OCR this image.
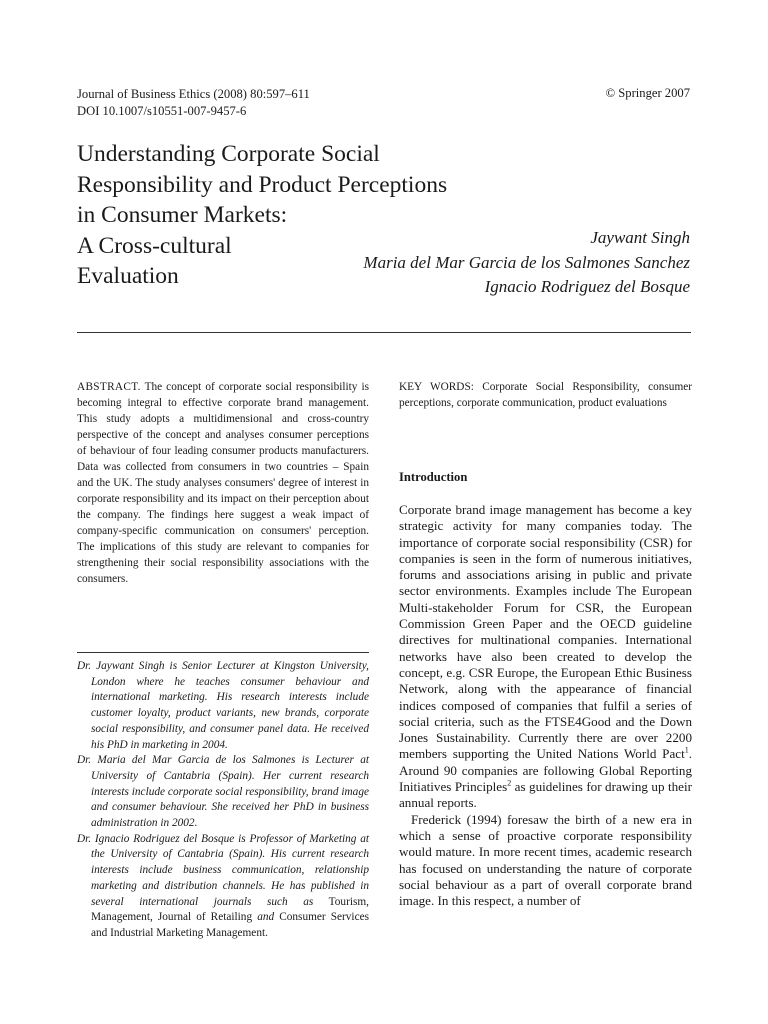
Journal of Business Ethics (2008) 80:597–611
DOI 10.1007/s10551-007-9457-6
© Springer 2007
Understanding Corporate Social
Responsibility and Product Perceptions
in Consumer Markets:
A Cross-cultural
Evaluation
Jaywant Singh
Maria del Mar Garcia de los Salmones Sanchez
Ignacio Rodriguez del Bosque
ABSTRACT. The concept of corporate social responsibility is becoming integral to effective corporate brand management. This study adopts a multidimensional and cross-country perspective of the concept and analyses consumer perceptions of behaviour of four leading consumer products manufacturers. Data was collected from consumers in two countries – Spain and the UK. The study analyses consumers' degree of interest in corporate responsibility and its impact on their perception about the company. The findings here suggest a weak impact of company-specific communication on consumers' perception. The implications of this study are relevant to companies for strengthening their social responsibility associations with the consumers.

Dr. Jaywant Singh is Senior Lecturer at Kingston University, London where he teaches consumer behaviour and international marketing. His research interests include customer loyalty, product variants, new brands, corporate social responsibility, and consumer panel data. He received his PhD in marketing in 2004.

Dr. Maria del Mar Garcia de los Salmones is Lecturer at University of Cantabria (Spain). Her current research interests include corporate social responsibility, brand image and consumer behaviour. She received her PhD in business administration in 2002.

Dr. Ignacio Rodriguez del Bosque is Professor of Marketing at the University of Cantabria (Spain). His current research interests include business communication, relationship marketing and distribution channels. He has published in several international journals such as Tourism, Management, Journal of Retailing and Consumer Services and Industrial Marketing Management.

KEY WORDS: Corporate Social Responsibility, consumer perceptions, corporate communication, product evaluations

Introduction

Corporate brand image management has become a key strategic activity for many companies today. The importance of corporate social responsibility (CSR) for companies is seen in the form of numerous initiatives, forums and associations arising in public and private sector environments. Examples include The European Multi-stakeholder Forum for CSR, the European Commission Green Paper and the OECD guideline directives for multinational companies. International networks have also been created to develop the concept, e.g. CSR Europe, the European Ethic Business Network, along with the appearance of financial indices composed of companies that fulfil a series of social criteria, such as the FTSE4Good and the Down Jones Sustainability. Currently there are over 2200 members supporting the United Nations World Pact$^1$. Around 90 companies are following Global Reporting Initiatives Principles$^2$ as guidelines for drawing up their annual reports.

Frederick (1994) foresaw the birth of a new era in which a sense of proactive corporate responsibility would mature. In more recent times, academic research has focused on understanding the nature of corporate social behaviour as a part of overall corporate brand image. In this respect, a number of
